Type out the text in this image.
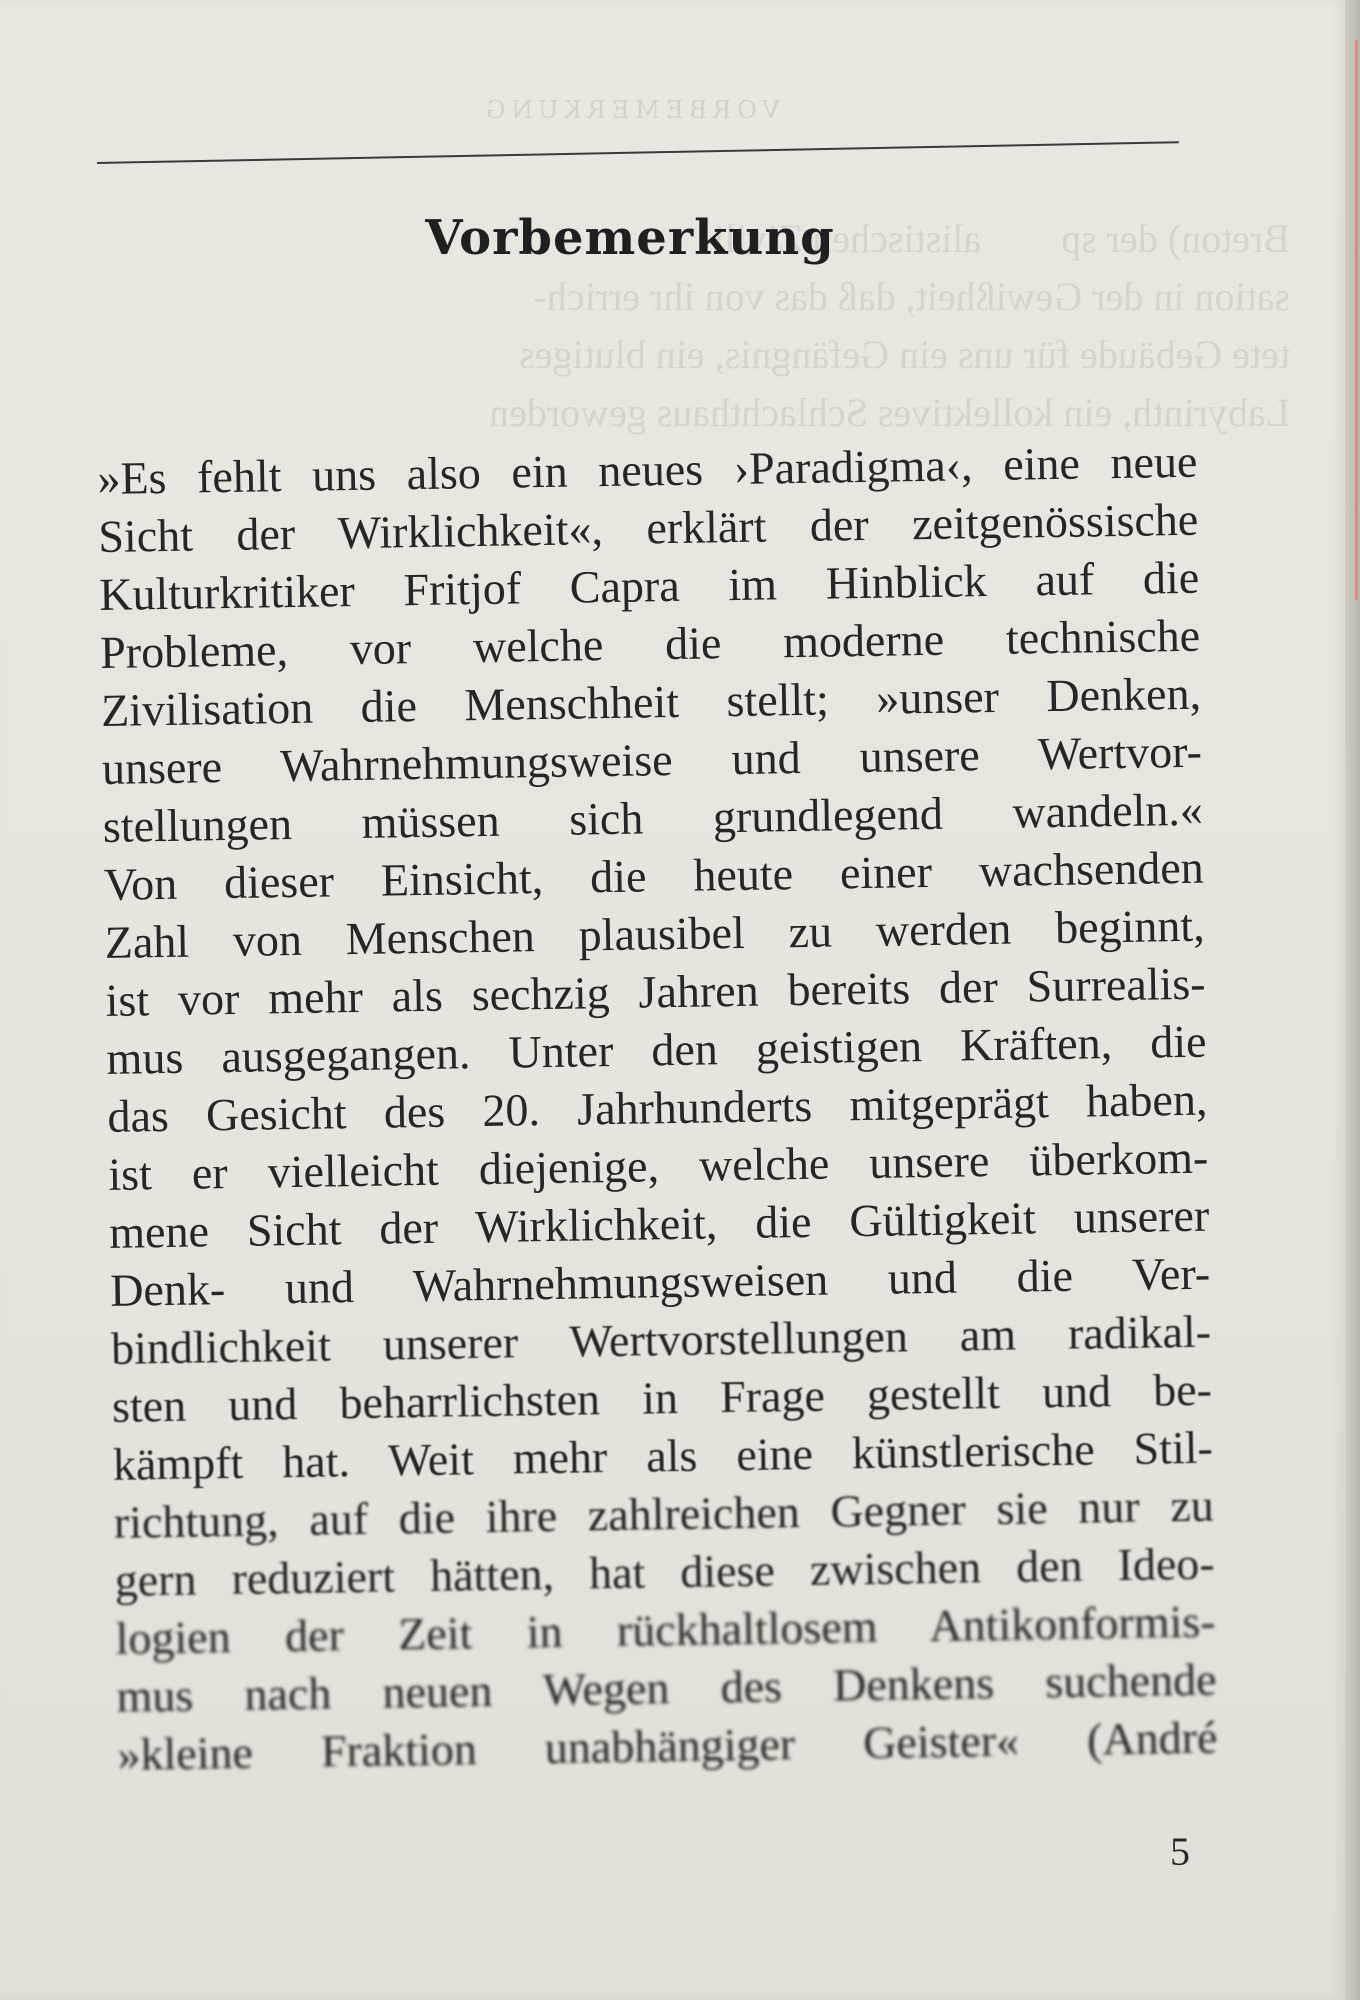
VORBEMERKUNG
Breton) der sp        alistischen Zivili-
sation in der Gewißheit, daß das von ihr errich-
tete Gebäude für uns ein Gefängnis, ein blutiges
Labyrinth, ein kollektives Schlachthaus geworden
Vorbemerkung
»Es fehlt uns also ein neues ›Paradigma‹, eine neue
Sicht der Wirklichkeit«, erklärt der zeitgenössische
Kulturkritiker Fritjof Capra im Hinblick auf die
Probleme, vor welche die moderne technische
Zivilisation die Menschheit stellt; »unser Denken,
unsere Wahrnehmungsweise und unsere Wertvor-
stellungen müssen sich grundlegend wandeln.«
Von dieser Einsicht, die heute einer wachsenden
Zahl von Menschen plausibel zu werden beginnt,
ist vor mehr als sechzig Jahren bereits der Surrealis-
mus ausgegangen. Unter den geistigen Kräften, die
das Gesicht des 20. Jahrhunderts mitgeprägt haben,
ist er vielleicht diejenige, welche unsere überkom-
mene Sicht der Wirklichkeit, die Gültigkeit unserer
Denk- und Wahrnehmungsweisen und die Ver-
bindlichkeit unserer Wertvorstellungen am radikal-
sten und beharrlichsten in Frage gestellt und be-
kämpft hat. Weit mehr als eine künstlerische Stil-
richtung, auf die ihre zahlreichen Gegner sie nur zu
gern reduziert hätten, hat diese zwischen den Ideo-
logien der Zeit in rückhaltlosem Antikonformis-
mus nach neuen Wegen des Denkens suchende
»kleine Fraktion unabhängiger Geister« (André
5
